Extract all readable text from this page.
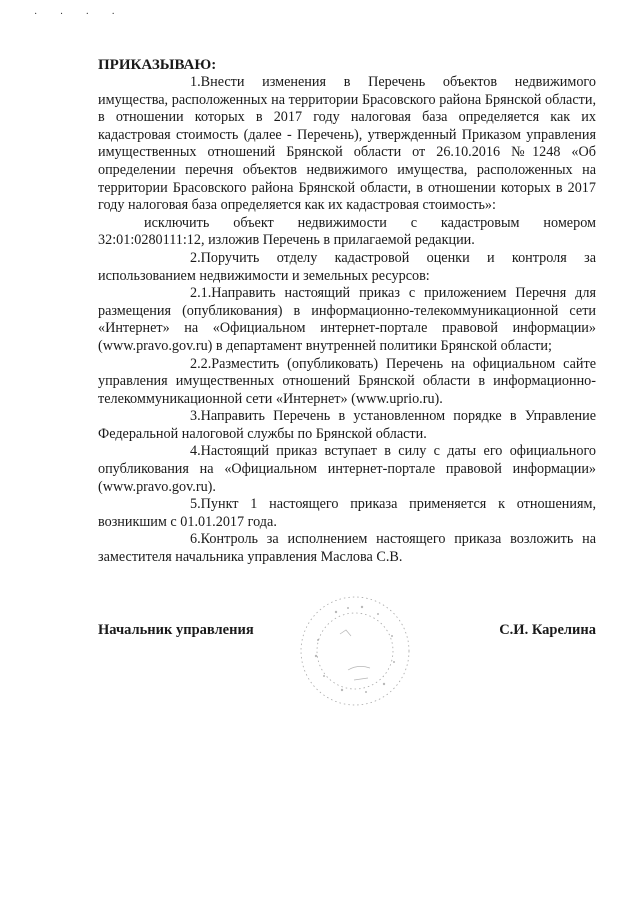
· · · ·

ПРИКАЗЫВАЮ:

1.Внести изменения в Перечень объектов недвижимого имущества, расположенных на территории Брасовского района Брянской области, в отношении которых в 2017 году налоговая база определяется как их кадастровая стоимость (далее - Перечень), утвержденный Приказом управления имущественных отношений Брянской области от 26.10.2016 №1248 «Об определении перечня объектов недвижимого имущества, расположенных на территории Брасовского района Брянской области, в отношении которых в 2017 году налоговая база определяется как их кадастровая стоимость»:

исключить объект недвижимости с кадастровым номером 32:01:0280111:12, изложив Перечень в прилагаемой редакции.

2.Поручить отделу кадастровой оценки и контроля за использованием недвижимости и земельных ресурсов:

2.1.Направить настоящий приказ с приложением Перечня для размещения (опубликования) в информационно-телекоммуникационной сети «Интернет» на «Официальном интернет-портале правовой информации» (www.pravo.gov.ru) в департамент внутренней политики Брянской области;

2.2.Разместить (опубликовать) Перечень на официальном сайте управления имущественных отношений Брянской области в информационно-телекоммуникационной сети «Интернет» (www.uprio.ru).

3.Направить Перечень в установленном порядке в Управление Федеральной налоговой службы по Брянской области.

4.Настоящий приказ вступает в силу с даты его официального опубликования на «Официальном интернет-портале правовой информации» (www.pravo.gov.ru).

5.Пункт 1 настоящего приказа применяется к отношениям, возникшим с 01.01.2017 года.

6.Контроль за исполнением настоящего приказа возложить на заместителя начальника управления Маслова С.В.

Начальник управления	С.И. Карелина
